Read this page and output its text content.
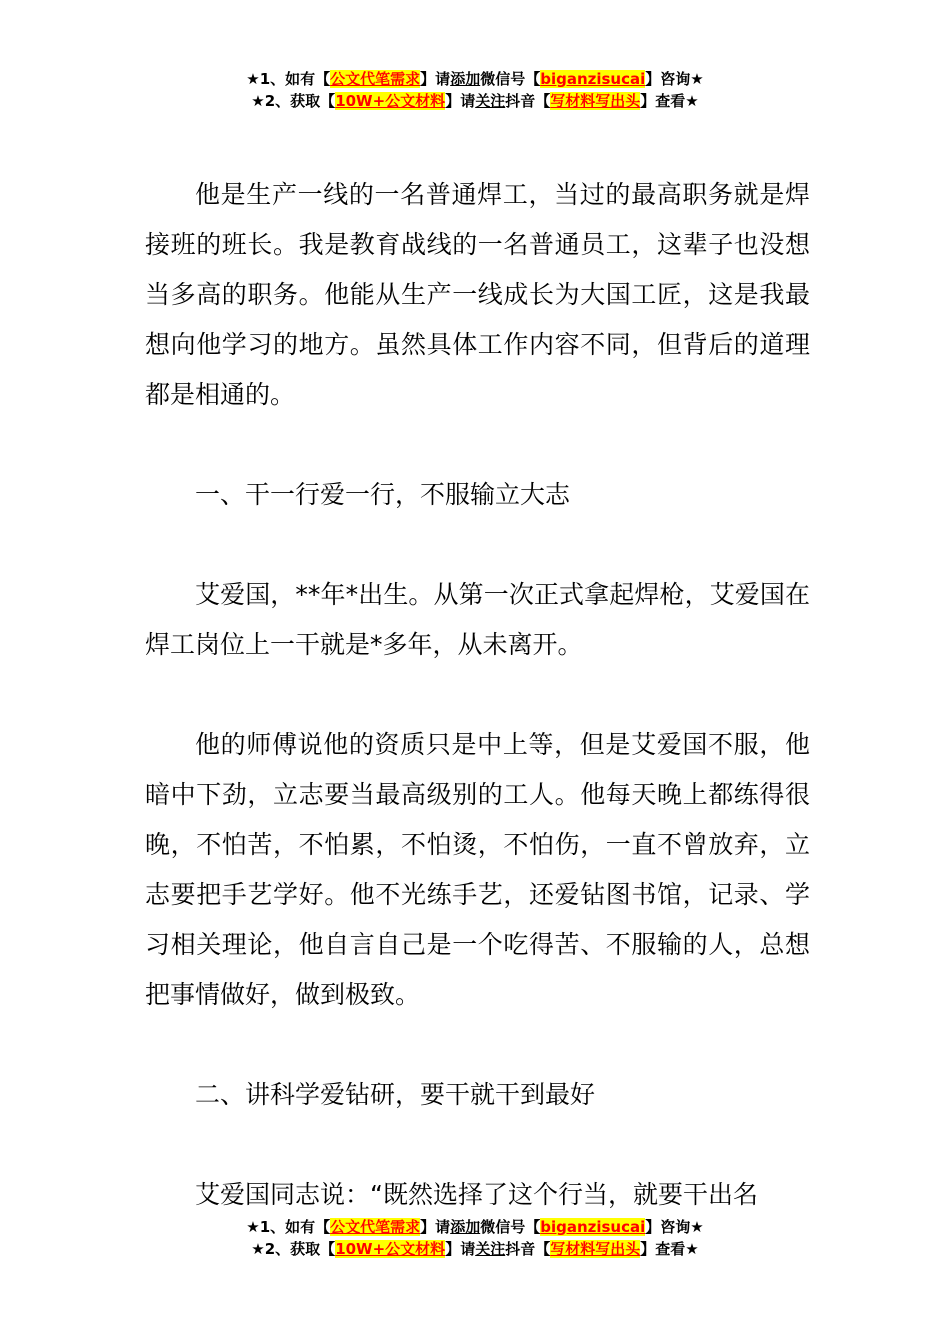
★1、如有【公文代笔需求】请添加微信号【biganzisucai】咨询★
★2、获取【10W+公文材料】请关注抖音【写材料写出头】查看★

他是生产一线的一名普通焊工，当过的最高职务就是焊接班的班长。我是教育战线的一名普通员工，这辈子也没想当多高的职务。他能从生产一线成长为大国工匠，这是我最想向他学习的地方。虽然具体工作内容不同，但背后的道理都是相通的。

一、干一行爱一行，不服输立大志

艾爱国，**年*出生。从第一次正式拿起焊枪，艾爱国在焊工岗位上一干就是*多年，从未离开。

他的师傅说他的资质只是中上等，但是艾爱国不服，他暗中下劲，立志要当最高级别的工人。他每天晚上都练得很晚，不怕苦，不怕累，不怕烫，不怕伤，一直不曾放弃，立志要把手艺学好。他不光练手艺，还爱钻图书馆，记录、学习相关理论，他自言自己是一个吃得苦、不服输的人，总想把事情做好，做到极致。

二、讲科学爱钻研，要干就干到最好

艾爱国同志说：“既然选择了这个行当，就要干出名

★1、如有【公文代笔需求】请添加微信号【biganzisucai】咨询★
★2、获取【10W+公文材料】请关注抖音【写材料写出头】查看★
